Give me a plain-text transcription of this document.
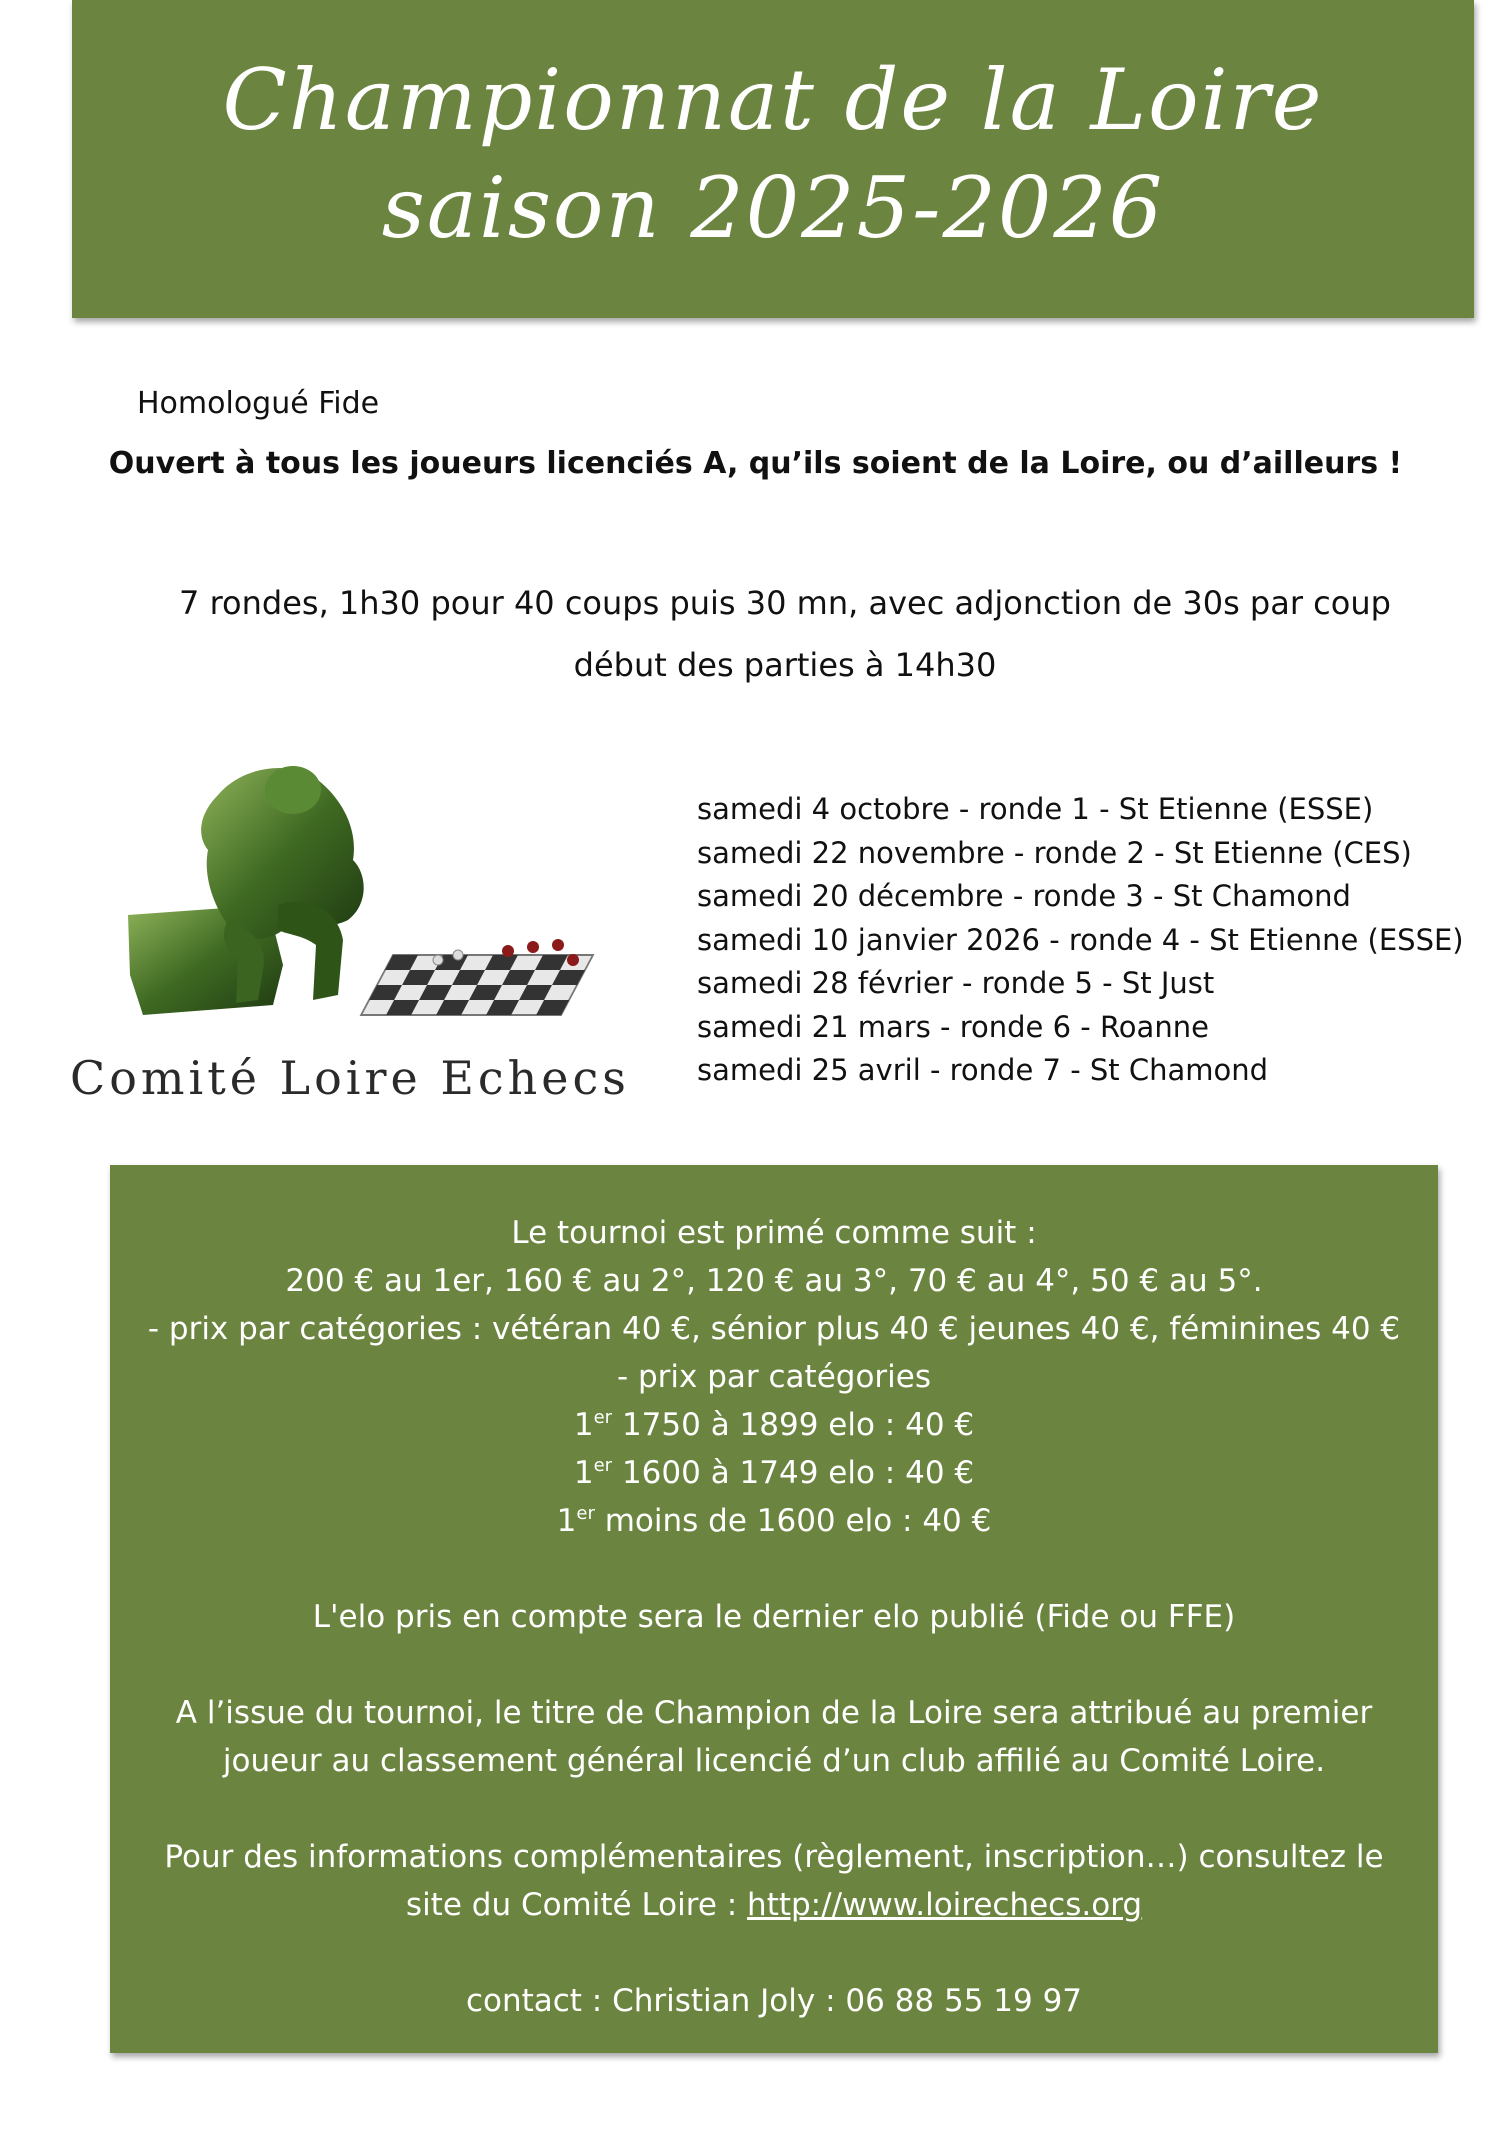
Championnat de la Loire
saison 2025-2026
Homologué Fide
Ouvert à tous les joueurs licenciés A, qu’ils soient de la Loire, ou d’ailleurs !
7 rondes, 1h30 pour 40 coups puis 30 mn, avec adjonction de 30s par coup
début des parties à 14h30
Comité Loire Echecs
samedi 4 octobre - ronde 1 - St Etienne (ESSE)
samedi 22 novembre - ronde 2 - St Etienne (CES)
samedi 20 décembre - ronde 3 - St Chamond
samedi 10 janvier 2026 - ronde 4 - St Etienne (ESSE)
samedi 28 février - ronde 5 - St Just
samedi 21 mars - ronde 6 - Roanne
samedi 25 avril - ronde 7 - St Chamond
Le tournoi est primé comme suit :
200 € au 1er, 160 € au 2°, 120 € au 3°, 70 € au 4°, 50 € au 5°.
- prix par catégories : vétéran 40 €, sénior plus 40 € jeunes 40 €, féminines 40 €
- prix par catégories
1er 1750 à 1899 elo : 40 €
1er 1600 à 1749 elo : 40 €
1er moins de 1600 elo : 40 €
L'elo pris en compte sera le dernier elo publié (Fide ou FFE)
A l’issue du tournoi, le titre de Champion de la Loire sera attribué au premier
joueur au classement général licencié d’un club affilié au Comité Loire.
Pour des informations complémentaires (règlement, inscription…) consultez le
site du Comité Loire : http://www.loirechecs.org
contact : Christian Joly : 06 88 55 19 97
